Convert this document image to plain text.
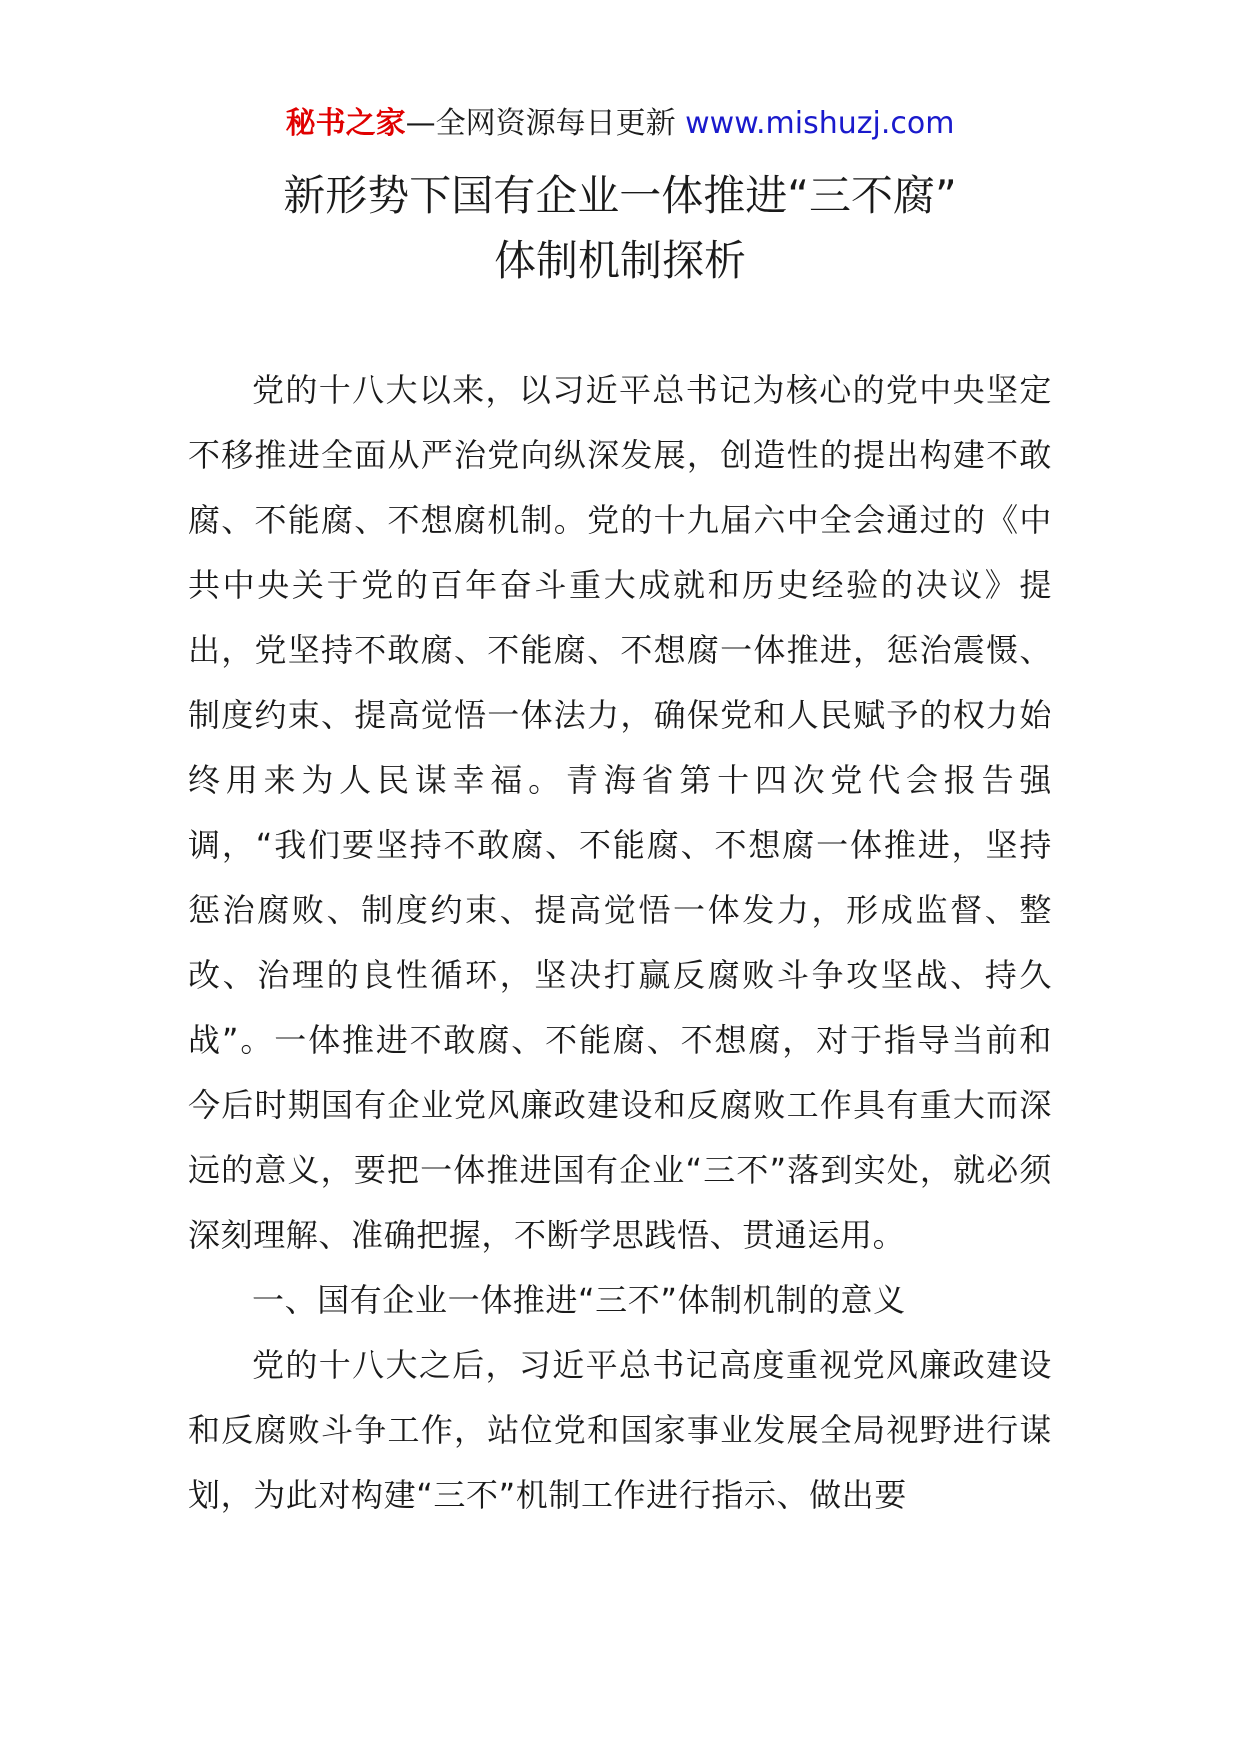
秘书之家—全网资源每日更新 www.mishuzj.com
新形势下国有企业一体推进“三不腐”
体制机制探析

党的十八大以来，以习近平总书记为核心的党中央坚定不移推进全面从严治党向纵深发展，创造性的提出构建不敢腐、不能腐、不想腐机制。党的十九届六中全会通过的《中共中央关于党的百年奋斗重大成就和历史经验的决议》提出，党坚持不敢腐、不能腐、不想腐一体推进，惩治震慑、制度约束、提高觉悟一体法力，确保党和人民赋予的权力始终用来为人民谋幸福。青海省第十四次党代会报告强调，“我们要坚持不敢腐、不能腐、不想腐一体推进，坚持惩治腐败、制度约束、提高觉悟一体发力，形成监督、整改、治理的良性循环，坚决打赢反腐败斗争攻坚战、持久战”。一体推进不敢腐、不能腐、不想腐，对于指导当前和今后时期国有企业党风廉政建设和反腐败工作具有重大而深远的意义，要把一体推进国有企业“三不”落到实处，就必须深刻理解、准确把握，不断学思践悟、贯通运用。

一、国有企业一体推进“三不”体制机制的意义

党的十八大之后，习近平总书记高度重视党风廉政建设和反腐败斗争工作，站位党和国家事业发展全局视野进行谋划，为此对构建“三不”机制工作进行指示、做出要
